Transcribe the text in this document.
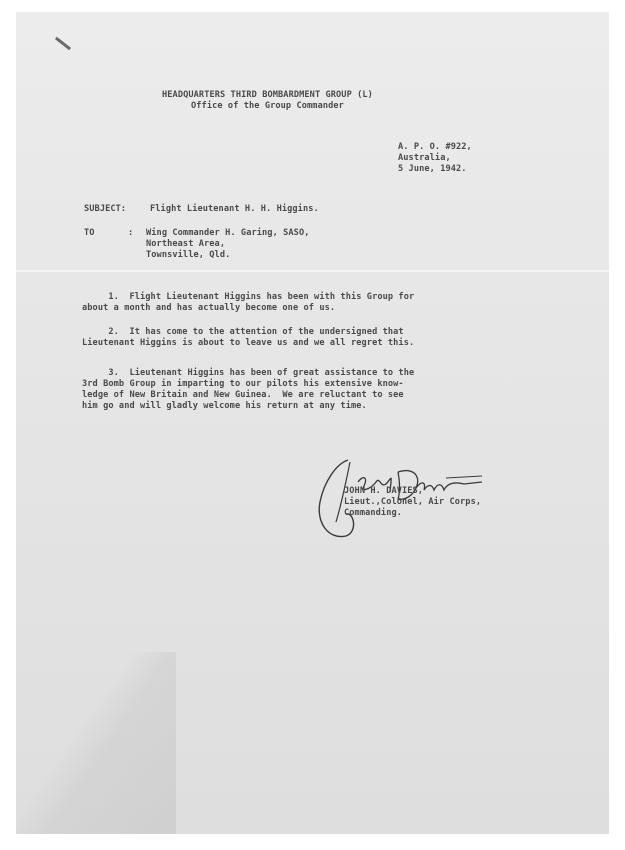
HEADQUARTERS THIRD BOMBARDMENT GROUP (L)

Office of the Group Commander

A. P. O. #922,

Australia,

5 June, 1942.

SUBJECT:	Flight Lieutenant H. H. Higgins.

TO	: Wing Commander H. Garing, SASO,

Northeast Area,

Townsville, Qld.

1.  Flight Lieutenant Higgins has been with this Group for

about a month and has actually become one of us.

2.  It has come to the attention of the undersigned that

Lieutenant Higgins is about to leave us and we all regret this.

3.  Lieutenant Higgins has been of great assistance to the

3rd Bomb Group in imparting to our pilots his extensive know-

ledge of New Britain and New Guinea.  We are reluctant to see

him go and will gladly welcome his return at any time.

JOHN H. DAVIES,

Lieut.,Colonel, Air Corps,

Commanding.
